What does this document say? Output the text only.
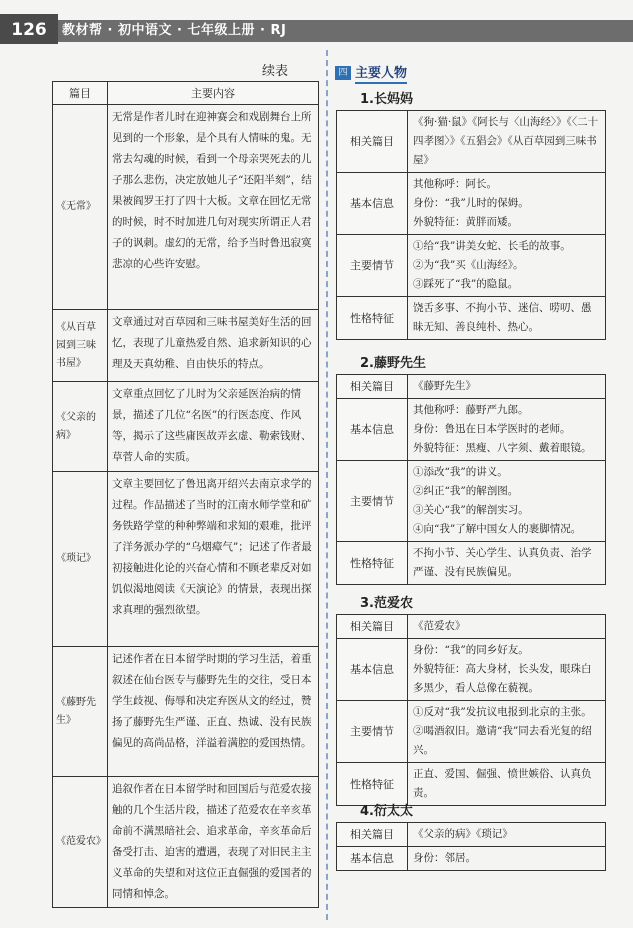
126	教材帮 · 初中语文 · 七年级上册 · RJ
续表
篇目	主要内容
《无常》	无常是作者儿时在迎神赛会和戏剧舞台上所见到的一个形象，是个具有人情味的鬼。无常去勾魂的时候，看到一个母亲哭死去的儿子那么悲伤，决定放她儿子“还阳半刻”，结果被阎罗王打了四十大板。文章在回忆无常的时候，时不时加进几句对现实所谓正人君子的讽刺。虚幻的无常，给予当时鲁迅寂寞悲凉的心些许安慰。
《从百草园到三味书屋》	文章通过对百草园和三味书屋美好生活的回忆，表现了儿童热爱自然、追求新知识的心理及天真幼稚、自由快乐的特点。
《父亲的病》	文章重点回忆了儿时为父亲延医治病的情景，描述了几位“名医”的行医态度、作风等，揭示了这些庸医故弄玄虚、勒索钱财、草菅人命的实质。
《琐记》	文章主要回忆了鲁迅离开绍兴去南京求学的过程。作品描述了当时的江南水师学堂和矿务铁路学堂的种种弊端和求知的艰难，批评了洋务派办学的“乌烟瘴气”；记述了作者最初接触进化论的兴奋心情和不顾老辈反对如饥似渴地阅读《天演论》的情景，表现出探求真理的强烈欲望。
《藤野先生》	记述作者在日本留学时期的学习生活，着重叙述在仙台医专与藤野先生的交往，受日本学生歧视、侮辱和决定弃医从文的经过，赞扬了藤野先生严谨、正直、热诚、没有民族偏见的高尚品格，洋溢着满腔的爱国热情。
《范爱农》	追叙作者在日本留学时和回国后与范爱农接触的几个生活片段，描述了范爱农在辛亥革命前不满黑暗社会、追求革命，辛亥革命后备受打击、迫害的遭遇，表现了对旧民主主义革命的失望和对这位正直倔强的爱国者的同情和悼念。
四 主要人物
1.长妈妈
相关篇目	《狗·猫·鼠》《阿长与〈山海经〉》《〈二十四孝图〉》《五猖会》《从百草园到三味书屋》

基本信息	其他称呼：阿长。
身份：“我”儿时的保姆。
外貌特征：黄胖而矮。

主要情节	①给“我”讲美女蛇、长毛的故事。
②为“我”买《山海经》。
③踩死了“我”的隐鼠。

性格特征	饶舌多事、不拘小节、迷信、唠叨、愚昧无知、善良纯朴、热心。
2.藤野先生
相关篇目	《藤野先生》

基本信息	其他称呼：藤野严九郎。
身份：鲁迅在日本学医时的老师。
外貌特征：黑瘦、八字须、戴着眼镜。

主要情节	①添改“我”的讲义。
②纠正“我”的解剖图。
③关心“我”的解剖实习。
④向“我”了解中国女人的裹脚情况。

性格特征	不拘小节、关心学生、认真负责、治学严谨、没有民族偏见。
3.范爱农
相关篇目	《范爱农》

基本信息	身份：“我”的同乡好友。
外貌特征：高大身材，长头发，眼珠白多黑少，看人总像在藐视。

主要情节	①反对“我”发抗议电报到北京的主张。
②喝酒叙旧。邀请“我”同去看光复的绍兴。

性格特征	正直、爱国、倔强、愤世嫉俗、认真负责。
4.衍太太
相关篇目	《父亲的病》《琐记》

基本信息	身份：邻居。
